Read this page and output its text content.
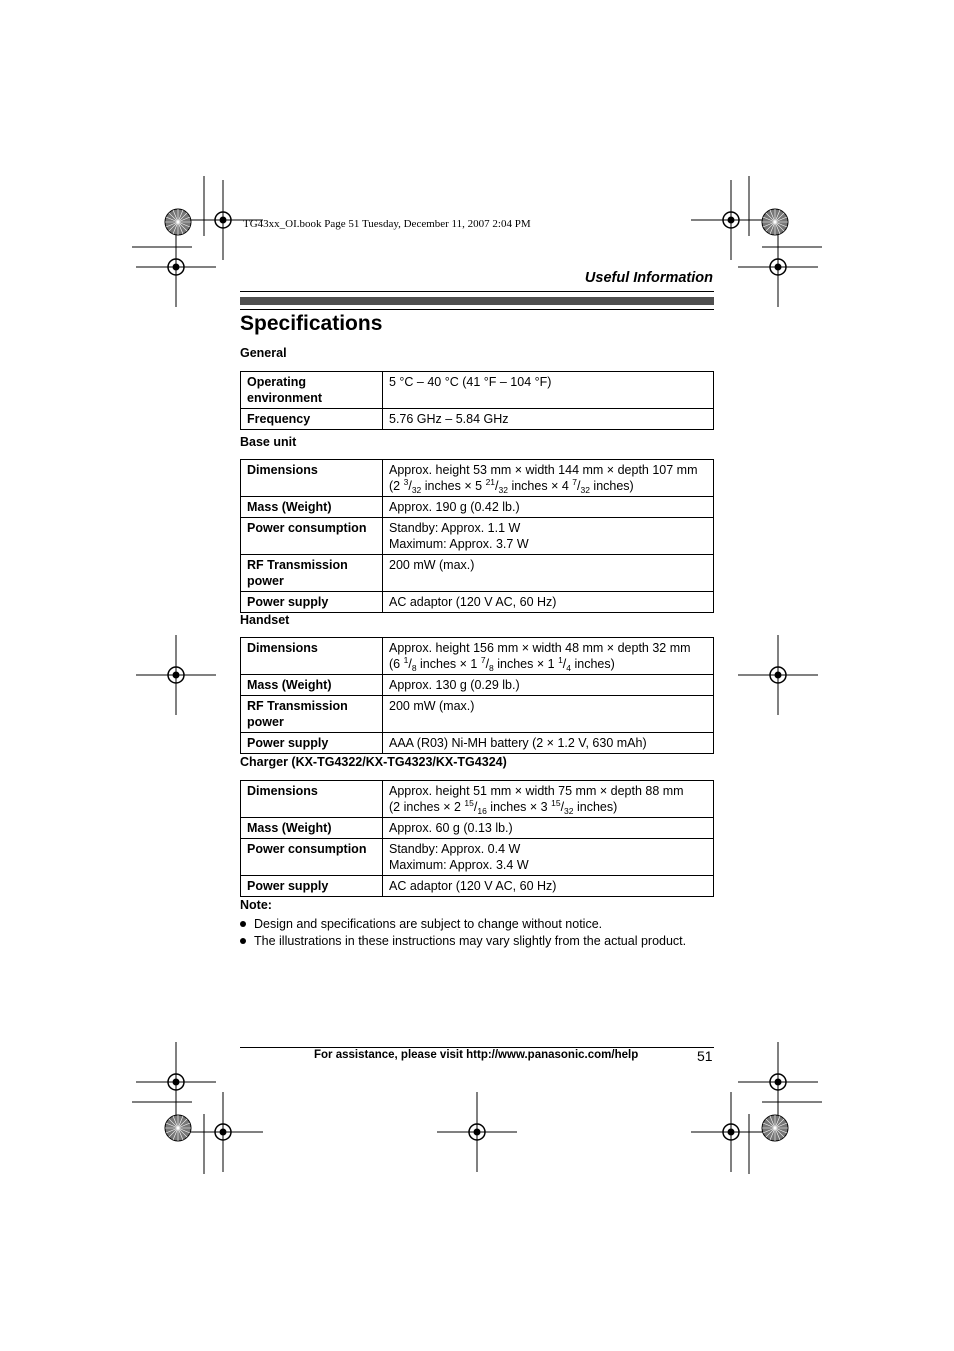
TG43xx_OI.book Page 51 Tuesday, December 11, 2007 2:04 PM
Useful Information
Specifications
General
Operating environment	5 °C – 40 °C (41 °F – 104 °F)
Frequency	5.76 GHz – 5.84 GHz
Base unit
Dimensions	Approx. height 53 mm × width 144 mm × depth 107 mm
(2 $^3/_{32}$ inches × 5 $^{21}/_{32}$ inches × 4 $^7/_{32}$ inches)

Mass (Weight)	Approx. 190 g (0.42 lb.)
Power consumption	Standby: Approx. 1.1 W
Maximum: Approx. 3.7 W

RF Transmission power	200 mW (max.)
Power supply	AC adaptor (120 V AC, 60 Hz)
Handset
Dimensions	Approx. height 156 mm × width 48 mm × depth 32 mm
(6 $^1/_8$ inches × 1 $^7/_8$ inches × 1 $^1/_4$ inches)

Mass (Weight)	Approx. 130 g (0.29 lb.)
RF Transmission power	200 mW (max.)
Power supply	AAA (R03) Ni-MH battery (2 × 1.2 V, 630 mAh)
Charger (KX-TG4322/KX-TG4323/KX-TG4324)
Dimensions	Approx. height 51 mm × width 75 mm × depth 88 mm
(2 inches × 2 $^{15}/_{16}$ inches × 3 $^{15}/_{32}$ inches)

Mass (Weight)	Approx. 60 g (0.13 lb.)
Power consumption	Standby: Approx. 0.4 W
Maximum: Approx. 3.4 W

Power supply	AC adaptor (120 V AC, 60 Hz)
Note:
Design and specifications are subject to change without notice.
The illustrations in these instructions may vary slightly from the actual product.
For assistance, please visit http://www.panasonic.com/help	51
